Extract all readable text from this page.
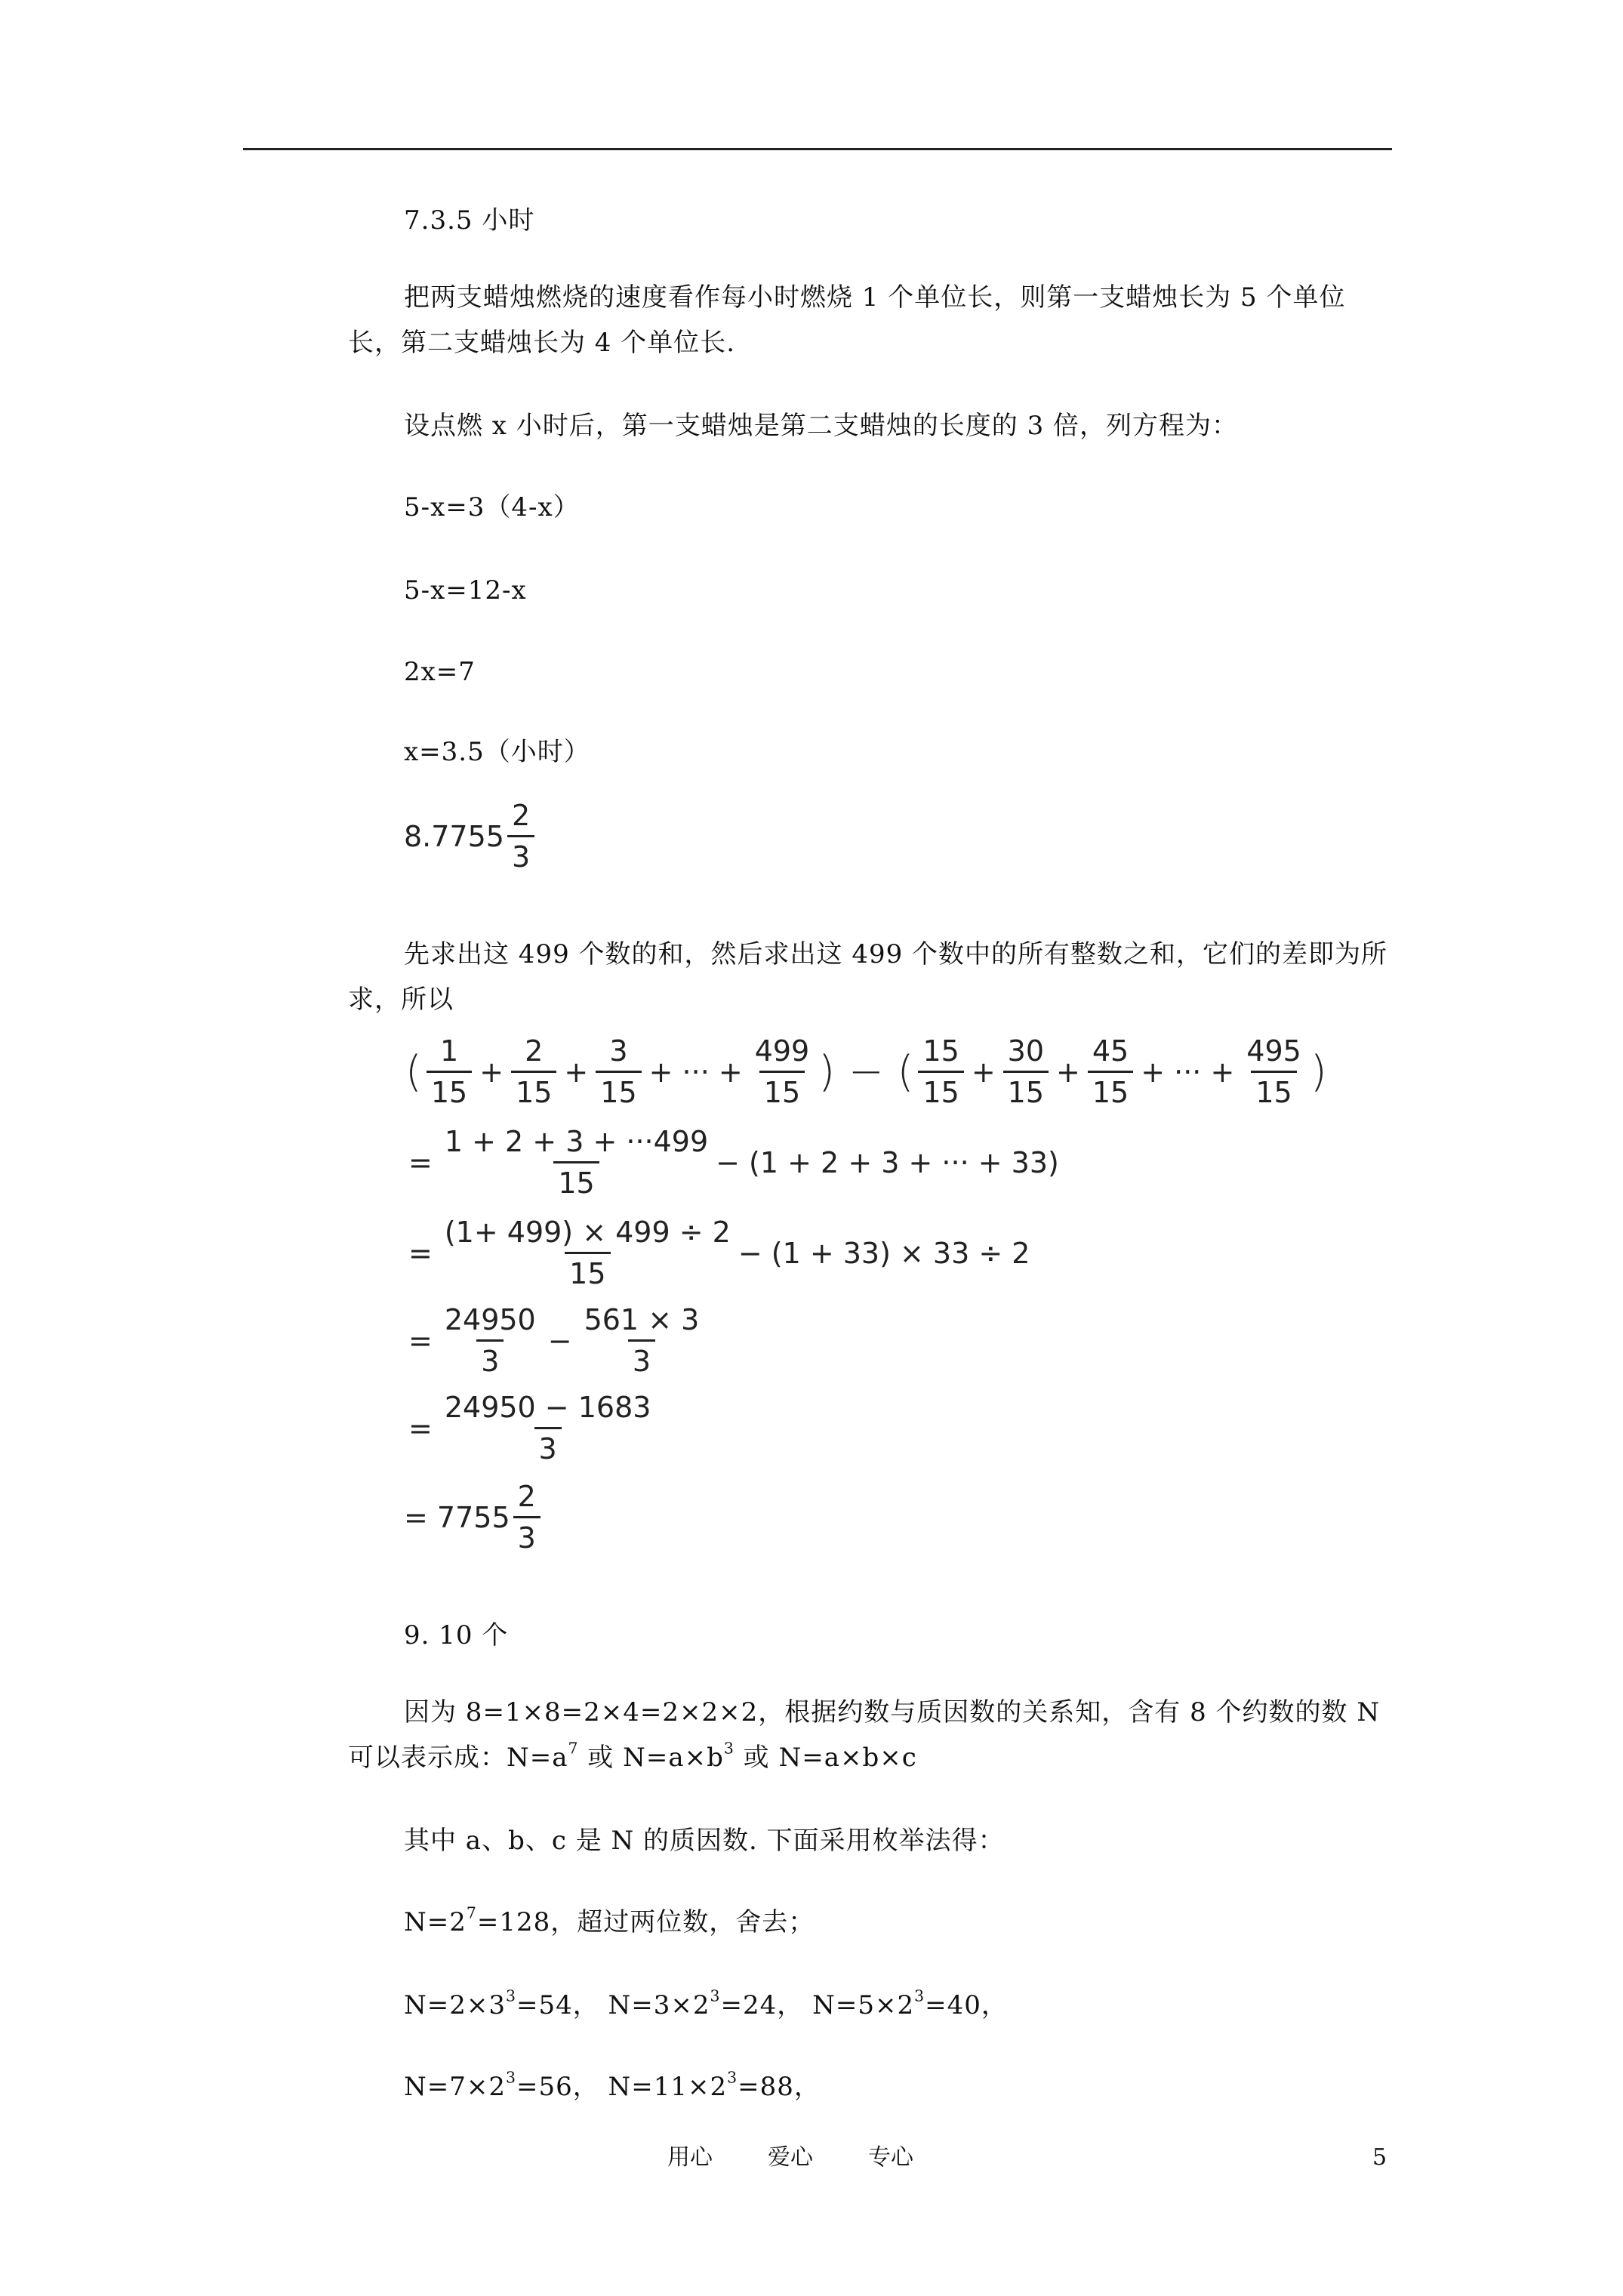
7.3.5 小时
把两支蜡烛燃烧的速度看作每小时燃烧 1 个单位长，则第一支蜡烛长为 5 个单位长，第二支蜡烛长为 4 个单位长.
设点燃 x 小时后，第一支蜡烛是第二支蜡烛的长度的 3 倍，列方程为：
5-x=3（4-x）
5-x=12-x
2x=7
x=3.5（小时）
$8.7755 \frac{2}{3}$
先求出这 499 个数的和，然后求出这 499 个数中的所有整数之和，它们的差即为所求，所以
( $\frac{1}{15} + \frac{2}{15} + \frac{3}{15}$ + ··· + $\frac{499}{15}$ ) − ( $\frac{15}{15} + \frac{30}{15} + \frac{45}{15}$ + ··· + $\frac{495}{15}$ )
= $\frac{1 + 2 + 3 + \cdot\cdot\cdot 499}{15} - (1 + 2 + 3$ + ··· + 33)
= $\frac{(1+ 499) \times 499 \div 2}{15} - (1 + 33) \times 33 \div 2$
= $\frac{24950}{3} - \frac{561 \times 3}{3}$
= $\frac{24950 - 1683}{3}$
= $7755 \frac{2}{3}$
9. 10 个
因为 8=1×8=2×4=2×2×2，根据约数与质因数的关系知，含有 8 个约数的数 N 可以表示成：$N=a^7$ 或 $N=a\times b^3$ 或 N=a×b×c
其中 a、b、c 是 N 的质因数. 下面采用枚举法得：
$N=2^7=128$，超过两位数，舍去；
$N=2\times 3^3=54$， $N=3\times 2^3=24$， $N=5\times 2^3=40$，
$N=7\times 2^3=56$， $N=11\times 2^3=88$，
用心 爱心 专心	5
